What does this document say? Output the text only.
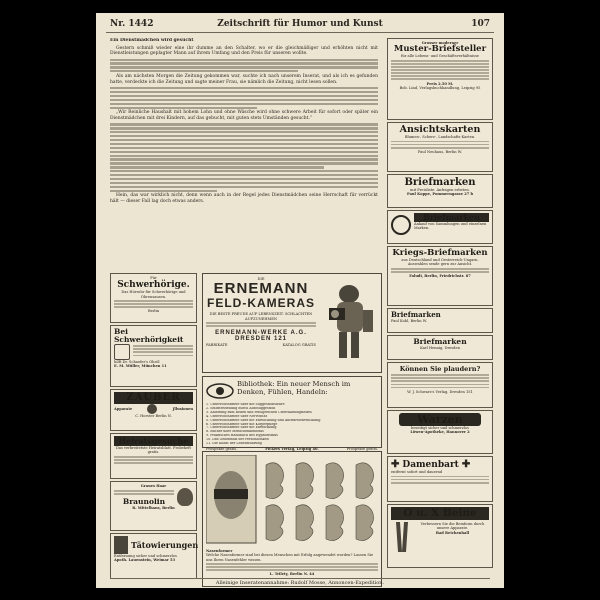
Nr. 1442	Zeitschrift für Humor und Kunst	107

Ein Dienstmädchen wird gesucht

Gestern schmiß wieder eine ihr dumme an den Schalter, wo er die gleichmäßiger und erhöhten nicht mit Dienstleistungen geplagter Mann auf ihrem Umfang und den Preis für unseren wollte.

Als am nächsten Morgen die Zeitung gekommen war, suchte ich nach unserem Inserat, und als ich es gefunden hatte, verdeckte ich die Zeitung und sagte meiner Frau, sie nämlich die Zeitung, nicht lesen sollen.

„Wir Reinliche Haushalt mit hohem Lohn und ohne Wäsche wird ohne schwere Arbeit für sofort oder später ein Dienstmädchen mit drei Kindern, auf das gebucht, mit guten stets Umständen gesucht.“

Hein, das war wirklich nicht, denn wenn auch in der Regel jedes Dienstmädchen seine Herrschaft für verrückt hält — dieser Fall lag doch etwas anders.

Grosser moderner
Muster-Briefsteller
für alle Lebens- und Geschäftsverhältnisse
Preis 2.50 M.
Bob. Lind, Verlagsbuchhandlung, Leipzig 95
Ansichtskarten
Blumen-, Scherz-, Landschafts-Karten.
Paul Neuhaus, Berlin W.
Briefmarken
mit Preisliste. Anfragen erbeten.
Paul Koppe, Pommerngasse 27 b
Briefmarken
Ankauf von Sammlungen und einzelnen Marken.
Kriegs-Briefmarken
aus Deutschland und Oesterreich-Ungarn. Auswahlen sende gern zur Ansicht.
Faludi, Berlin, Friedrichstr. 87
Briefmarken
Paul Kohl, Berlin W.
Briefmarken
Karl Hennig, Dresden
Können Sie plaudern?
W. J. Schwarz's Verlag, Dresden 151
Warzen
beseitigt sicher und schmerzlos
Löwen-Apotheke, Hannover 2
✚ Damenbart ✚
entfernt sofort und dauernd
O u. X Beine
Verbessern Sie die Beinform durch unsere Apparate.
Bad Reichenhall
Für
Schwerhörige.
Das Hörrohr für Schwerhörige und Ohrensausen.
Berlin
Bei Schwerhörigkeit
hilft Dr. Schaefer's Ohröl
E. M. Müller, München 11
ZAUBER
Apparate	Jllusionen
C. Horster Berlin N.
Heiratsgesuche
Das verbreitetste Heiratsblatt. Probeheft gratis.
Graues Haar
Braunolin
R. Mittelhaus, Berlin
Tätowierungen
Entfernung sicher und schmerzlos
Apoth. Lauenstein, Weimar 53
DIE
ERNEMANN
FELD-KAMERAS
DIE BESTE FREUDE AUF LEBENSZEIT. SCHLACHTEN AUFZUNEHMEN
ERNEMANN-WERKE A.G. DRESDEN 121
FABRIKATE	KATALOG GRATIS
Bibliothek: Ein neuer Mensch im Denken, Fühlen, Handeln:
1. Unterrichtsbriefe über die Suggestionslehre
2. Selbsterziehung durch Autosuggestion
3. Anleitung zum Reden und erfolgreichen Unterhaltungsleben
4. Unterrichtsbriefe über Nervosität
5. Unterrichtsbriefe über die Entwicklung und Aufwärtsentwicklung
6. Unterrichtsbriefe über die Körperpflege
7. Unterrichtsbriefe über die Entwicklung
8. Bücher über Menschenkenntnis
9. Praktisches Handbuch des Hypnotismus
10. Das Geheimnis der Persönlichkeit
11. Die Kunst der Lebensführung
Prospekte gratis.	Fickers Verlag, Leipzig 40.	Prospekte gratis.
Nasenformer
Welche Nasenformer sind bei diesen Menschen mit Erfolg angewendet worden? Lassen Sie uns Ihren Nasenfehler wissen.
L. Trilety, Berlin N. 44
Alleinige Inseratenannahme: Rudolf Mosse, Annoncen-Expedition.
